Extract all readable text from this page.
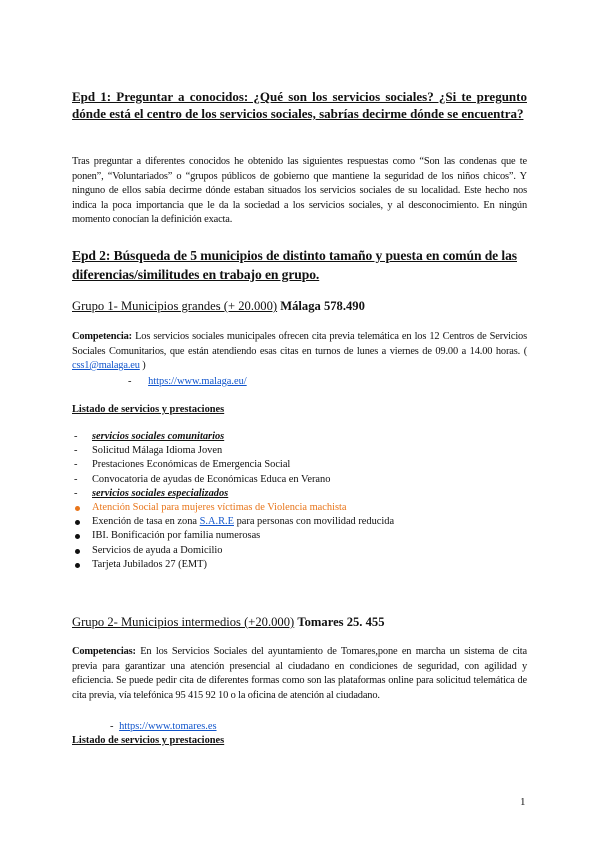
Epd 1: Preguntar a conocidos: ¿Qué son los servicios sociales? ¿Si te pregunto dónde está el centro de los servicios sociales, sabrías decirme dónde se encuentra?
Tras preguntar a diferentes conocidos he obtenido las siguientes respuestas como “Son las condenas que te ponen”, “Voluntariados” o “grupos públicos de gobierno que mantiene la seguridad de los niños chicos”. Y ninguno de ellos sabía decirme dónde estaban situados los servicios sociales de su localidad. Este hecho nos indica la poca importancia que le da la sociedad a los servicios sociales, y al desconocimiento. En ningún momento conocían la definición exacta.
Epd 2: Búsqueda de 5 municipios de distinto tamaño y puesta en común de las diferencias/similitudes en trabajo en grupo.
Grupo 1- Municipios grandes (+ 20.000) Málaga 578.490
Competencia: Los servicios sociales municipales ofrecen cita previa telemática en los 12 Centros de Servicios Sociales Comunitarios, que están atendiendo esas citas en turnos de lunes a viernes de 09.00 a 14.00 horas. ( css1@malaga.eu )
- https://www.malaga.eu/
Listado de servicios y prestaciones
-	servicios sociales comunitarios
-	Solicitud Málaga Idioma Joven
-	Prestaciones Económicas de Emergencia Social
-	Convocatoria de ayudas de Económicas Educa en Verano
-	servicios sociales especializados
Atención Social para mujeres víctimas de Violencia machista
Exención de tasa en zona S.A.R.E para personas con movilidad reducida
IBI. Bonificación por familia numerosas
Servicios de ayuda a Domicilio
Tarjeta Jubilados 27 (EMT)
Grupo 2- Municipios intermedios (+20.000) Tomares 25. 455
Competencias: En los Servicios Sociales del ayuntamiento de Tomares,pone en marcha un sistema de cita previa para garantizar una atención presencial al ciudadano en condiciones de seguridad, con agilidad y eficiencia. Se puede pedir cita de diferentes formas como son las plataformas online para solicitud telemática de cita previa, vía telefónica 95 415 92 10 o la oficina de atención al ciudadano.
- https://www.tomares.es
Listado de servicios y prestaciones
1
